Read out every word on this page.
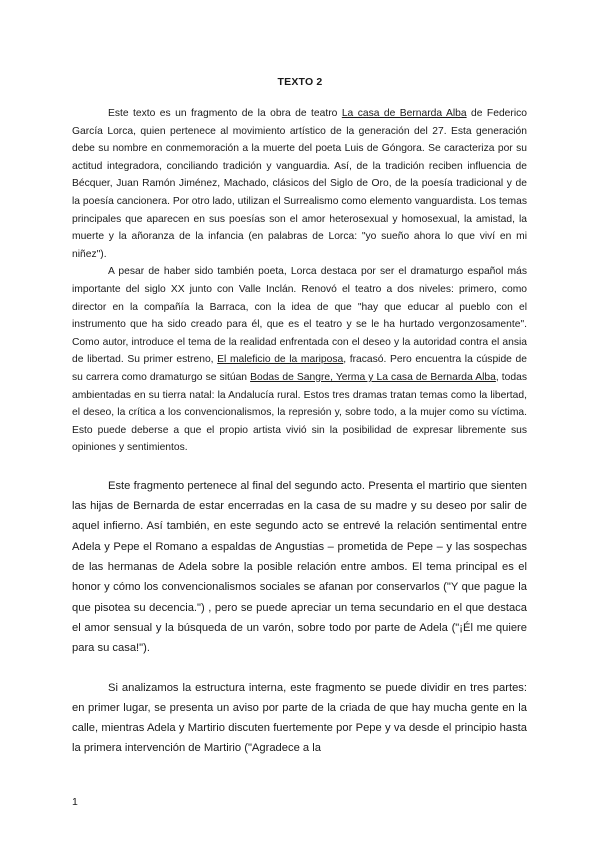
TEXTO 2

Este texto es un fragmento de la obra de teatro La casa de Bernarda Alba de Federico García Lorca, quien pertenece al movimiento artístico de la generación del 27. Esta generación debe su nombre en conmemoración a la muerte del poeta Luis de Góngora. Se caracteriza por su actitud integradora, conciliando tradición y vanguardia. Así, de la tradición reciben influencia de Bécquer, Juan Ramón Jiménez, Machado, clásicos del Siglo de Oro, de la poesía tradicional y de la poesía cancionera. Por otro lado, utilizan el Surrealismo como elemento vanguardista. Los temas principales que aparecen en sus poesías son el amor heterosexual y homosexual, la amistad, la muerte y la añoranza de la infancia (en palabras de Lorca: "yo sueño ahora lo que viví en mi niñez").

A pesar de haber sido también poeta, Lorca destaca por ser el dramaturgo español más importante del siglo XX junto con Valle Inclán. Renovó el teatro a dos niveles: primero, como director en la compañía la Barraca, con la idea de que "hay que educar al pueblo con el instrumento que ha sido creado para él, que es el teatro y se le ha hurtado vergonzosamente". Como autor, introduce el tema de la realidad enfrentada con el deseo y la autoridad contra el ansia de libertad. Su primer estreno, El maleficio de la mariposa, fracasó. Pero encuentra la cúspide de su carrera como dramaturgo se sitúan Bodas de Sangre, Yerma y La casa de Bernarda Alba, todas ambientadas en su tierra natal: la Andalucía rural. Estos tres dramas tratan temas como la libertad, el deseo, la crítica a los convencionalismos, la represión y, sobre todo, a la mujer como su víctima. Esto puede deberse a que el propio artista vivió sin la posibilidad de expresar libremente sus opiniones y sentimientos.

Este fragmento pertenece al final del segundo acto. Presenta el martirio que sienten las hijas de Bernarda de estar encerradas en la casa de su madre y su deseo por salir de aquel infierno. Así también, en este segundo acto se entrevé la relación sentimental entre Adela y Pepe el Romano a espaldas de Angustias – prometida de Pepe – y las sospechas de las hermanas de Adela sobre la posible relación entre ambos. El tema principal es el honor y cómo los convencionalismos sociales se afanan por conservarlos ("Y que pague la que pisotea su decencia.") , pero se puede apreciar un tema secundario en el que destaca el amor sensual y la búsqueda de un varón, sobre todo por parte de Adela ("¡Él me quiere para su casa!").

Si analizamos la estructura interna, este fragmento se puede dividir en tres partes: en primer lugar, se presenta un aviso por parte de la criada de que hay mucha gente en la calle, mientras Adela y Martirio discuten fuertemente por Pepe y va desde el principio hasta la primera intervención de Martirio ("Agradece a la

1
